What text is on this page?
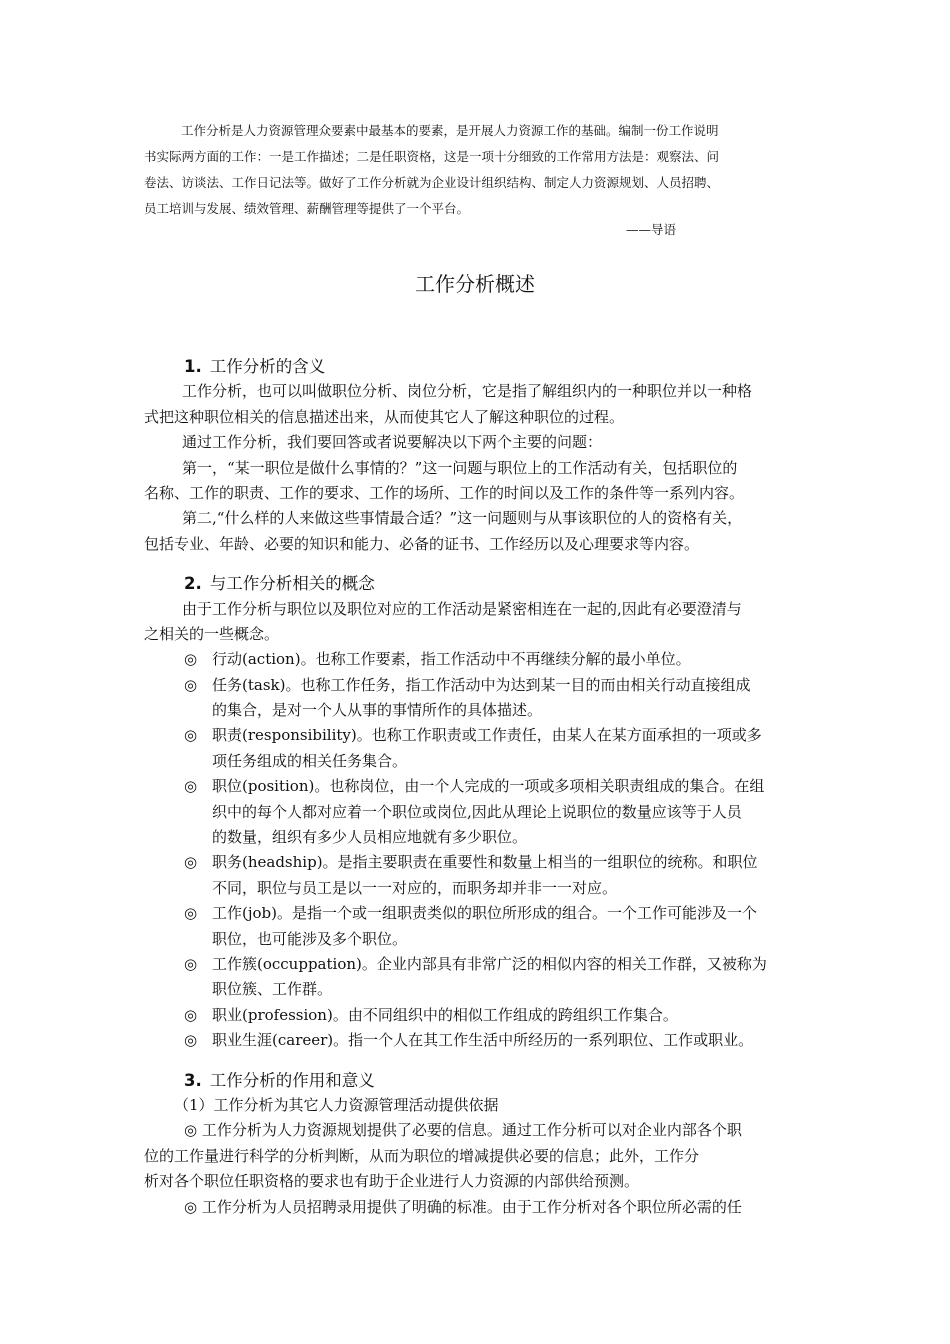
工作分析是人力资源管理众要素中最基本的要素，是开展人力资源工作的基础。编制一份工作说明

书实际两方面的工作：一是工作描述；二是任职资格，这是一项十分细致的工作常用方法是：观察法、问
卷法、访谈法、工作日记法等。做好了工作分析就为企业设计组织结构、制定人力资源规划、人员招聘、
员工培训与发展、绩效管理、薪酬管理等提供了一个平台。
——导语
工作分析概述
1. 工作分析的含义
工作分析，也可以叫做职位分析、岗位分析，它是指了解组织内的一种职位并以一种格
式把这种职位相关的信息描述出来，从而使其它人了解这种职位的过程。
通过工作分析，我们要回答或者说要解决以下两个主要的问题：
第一，“某一职位是做什么事情的？”这一问题与职位上的工作活动有关，包括职位的
名称、工作的职责、工作的要求、工作的场所、工作的时间以及工作的条件等一系列内容。
第二,“什么样的人来做这些事情最合适？”这一问题则与从事该职位的人的资格有关，
包括专业、年龄、必要的知识和能力、必备的证书、工作经历以及心理要求等内容。
2. 与工作分析相关的概念
由于工作分析与职位以及职位对应的工作活动是紧密相连在一起的,因此有必要澄清与
之相关的一些概念。
◎ 行动(action)。也称工作要素，指工作活动中不再继续分解的最小单位。
◎ 任务(task)。也称工作任务，指工作活动中为达到某一目的而由相关行动直接组成
的集合，是对一个人从事的事情所作的具体描述。
◎ 职责(responsibility)。也称工作职责或工作责任，由某人在某方面承担的一项或多
项任务组成的相关任务集合。
◎ 职位(position)。也称岗位，由一个人完成的一项或多项相关职责组成的集合。在组
织中的每个人都对应着一个职位或岗位,因此从理论上说职位的数量应该等于人员
的数量，组织有多少人员相应地就有多少职位。
◎ 职务(headship)。是指主要职责在重要性和数量上相当的一组职位的统称。和职位
不同，职位与员工是以一一对应的，而职务却并非一一对应。
◎ 工作(job)。是指一个或一组职责类似的职位所形成的组合。一个工作可能涉及一个
职位，也可能涉及多个职位。
◎ 工作簇(occuppation)。企业内部具有非常广泛的相似内容的相关工作群，又被称为
职位簇、工作群。
◎ 职业(profession)。由不同组织中的相似工作组成的跨组织工作集合。
◎ 职业生涯(career)。指一个人在其工作生活中所经历的一系列职位、工作或职业。
3. 工作分析的作用和意义
（1）工作分析为其它人力资源管理活动提供依据
◎ 工作分析为人力资源规划提供了必要的信息。通过工作分析可以对企业内部各个职
位的工作量进行科学的分析判断，从而为职位的增减提供必要的信息；此外，工作分
析对各个职位任职资格的要求也有助于企业进行人力资源的内部供给预测。
◎ 工作分析为人员招聘录用提供了明确的标准。由于工作分析对各个职位所必需的任
